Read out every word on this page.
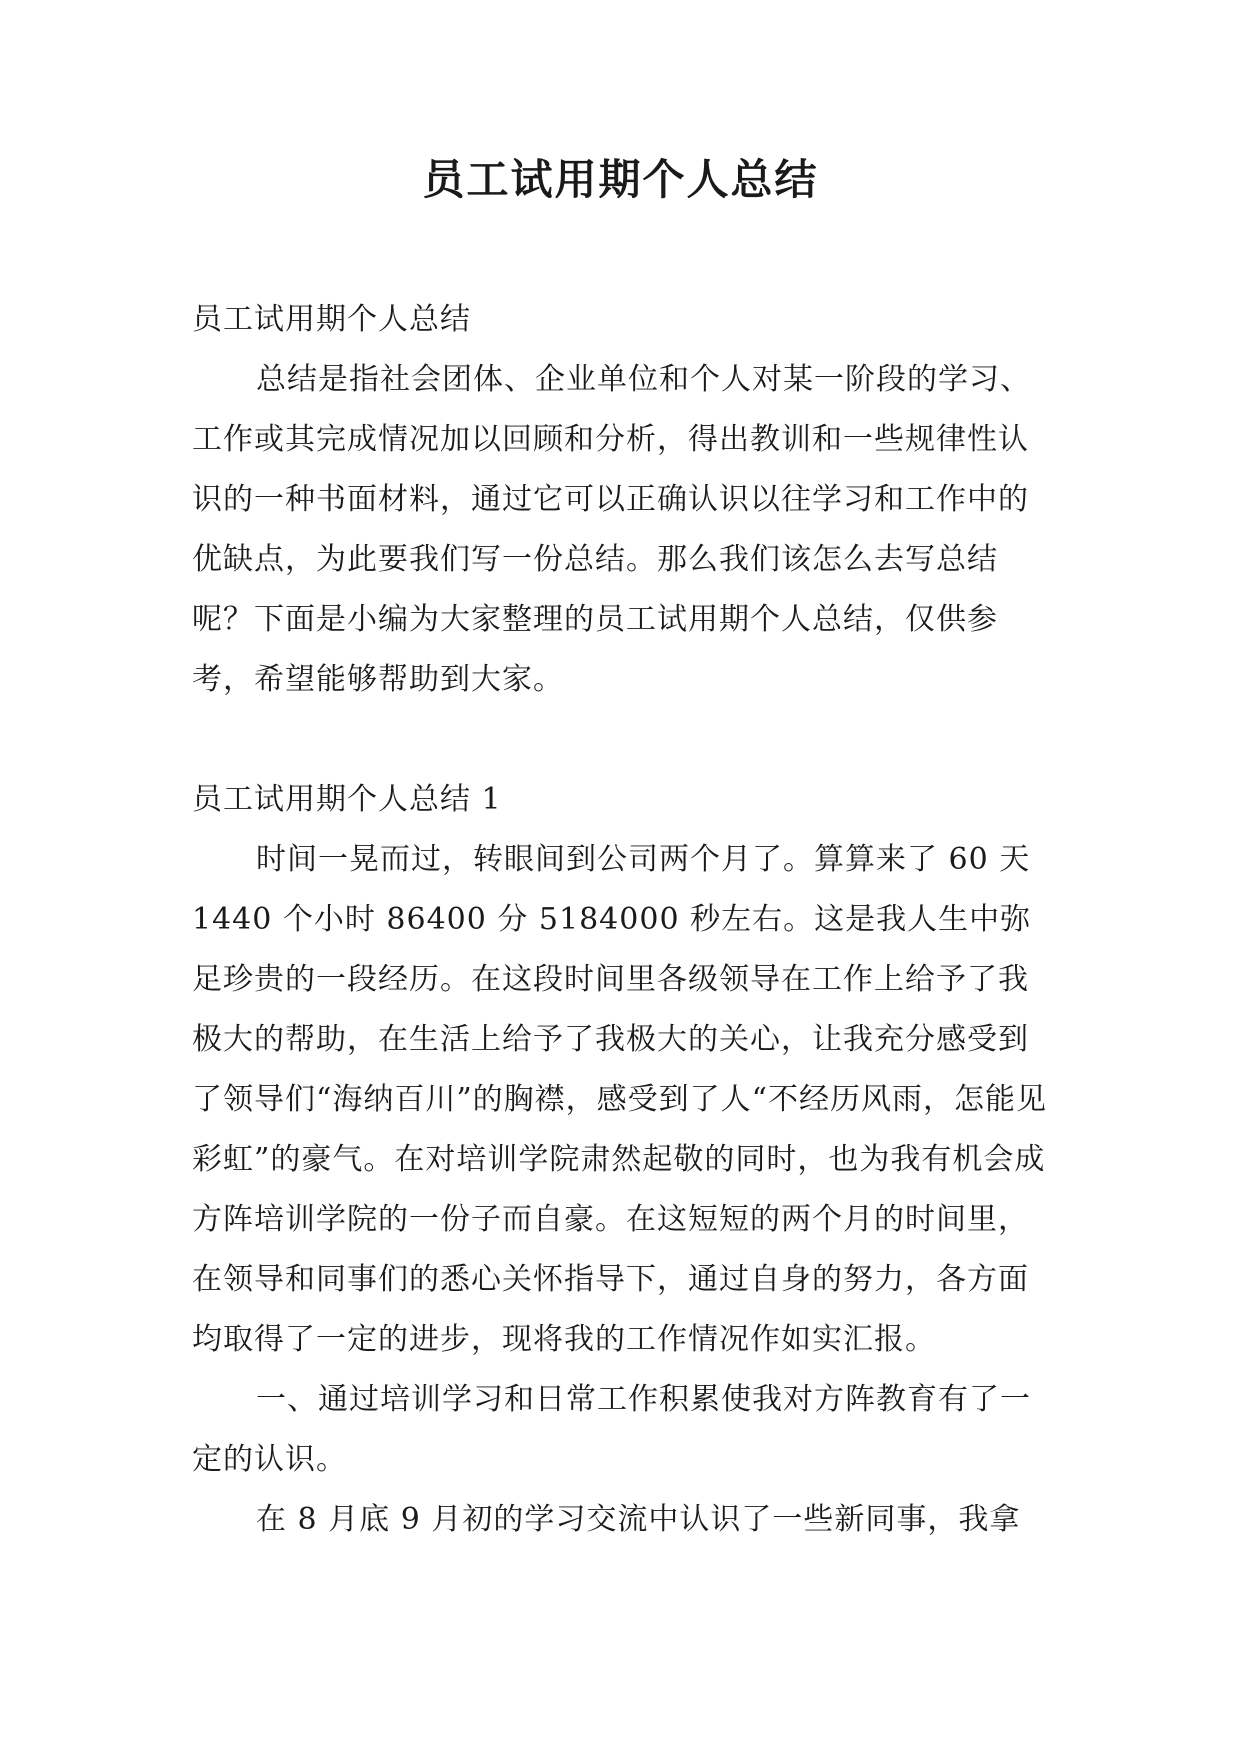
员工试用期个人总结

员工试用期个人总结

总结是指社会团体、企业单位和个人对某一阶段的学习、工作或其完成情况加以回顾和分析，得出教训和一些规律性认识的一种书面材料，通过它可以正确认识以往学习和工作中的优缺点，为此要我们写一份总结。那么我们该怎么去写总结呢？下面是小编为大家整理的员工试用期个人总结，仅供参考，希望能够帮助到大家。

员工试用期个人总结 1

时间一晃而过，转眼间到公司两个月了。算算来了 60 天 1440 个小时 86400 分 5184000 秒左右。这是我人生中弥足珍贵的一段经历。在这段时间里各级领导在工作上给予了我极大的帮助，在生活上给予了我极大的关心，让我充分感受到了领导们“海纳百川”的胸襟，感受到了人“不经历风雨，怎能见彩虹”的豪气。在对培训学院肃然起敬的同时，也为我有机会成方阵培训学院的一份子而自豪。在这短短的两个月的时间里，在领导和同事们的悉心关怀指导下，通过自身的努力，各方面均取得了一定的进步，现将我的工作情况作如实汇报。

一、通过培训学习和日常工作积累使我对方阵教育有了一定的认识。

在 8 月底 9 月初的学习交流中认识了一些新同事，我拿
